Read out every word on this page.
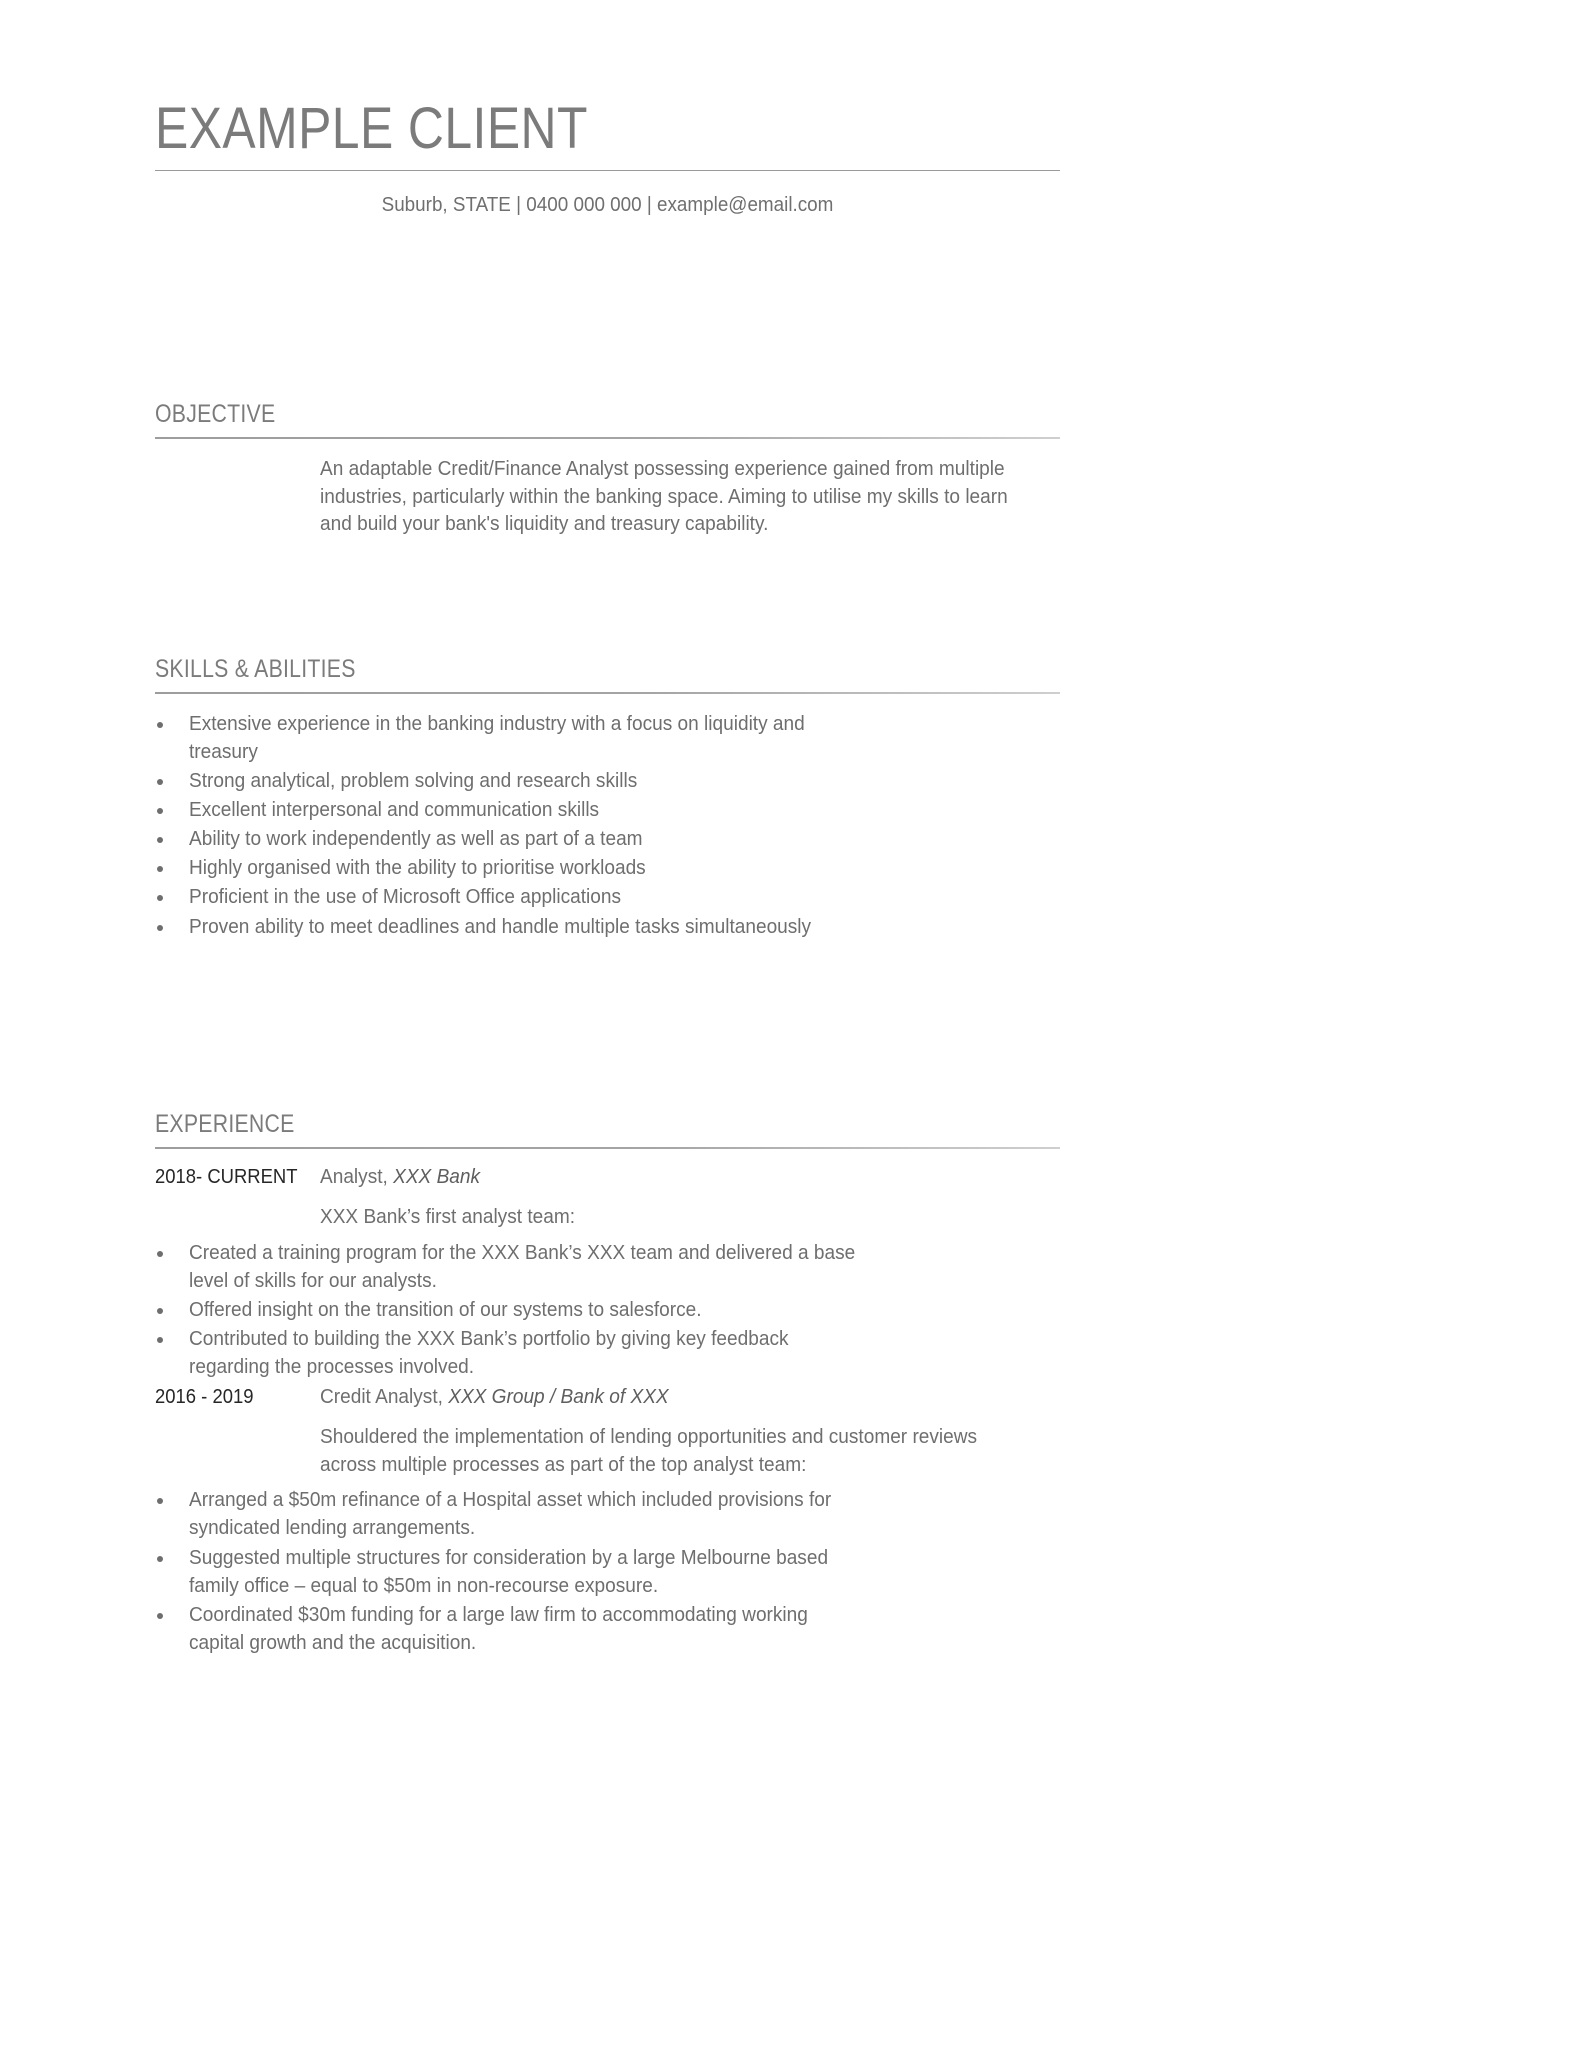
EXAMPLE CLIENT
Suburb, STATE | 0400 000 000 | example@email.com
OBJECTIVE

An adaptable Credit/Finance Analyst possessing experience gained from multiple industries, particularly within the banking space. Aiming to utilise my skills to learn and build your bank's liquidity and treasury capability.

SKILLS & ABILITIES
Extensive experience in the banking industry with a focus on liquidity and treasury
Strong analytical, problem solving and research skills
Excellent interpersonal and communication skills
Ability to work independently as well as part of a team
Highly organised with the ability to prioritise workloads
Proficient in the use of Microsoft Office applications
Proven ability to meet deadlines and handle multiple tasks simultaneously
EXPERIENCE
2018- CURRENT Analyst, XXX Bank
XXX Bank’s first analyst team:
Created a training program for the XXX Bank’s XXX team and delivered a base level of skills for our analysts.
Offered insight on the transition of our systems to salesforce.
Contributed to building the XXX Bank’s portfolio by giving key feedback regarding the processes involved.
2016 - 2019	Credit Analyst, XXX Group / Bank of XXX
Shouldered the implementation of lending opportunities and customer reviews across multiple processes as part of the top analyst team:
Arranged a $50m refinance of a Hospital asset which included provisions for syndicated lending arrangements.
Suggested multiple structures for consideration by a large Melbourne based family office – equal to $50m in non-recourse exposure.
Coordinated $30m funding for a large law firm to accommodating working capital growth and the acquisition.
